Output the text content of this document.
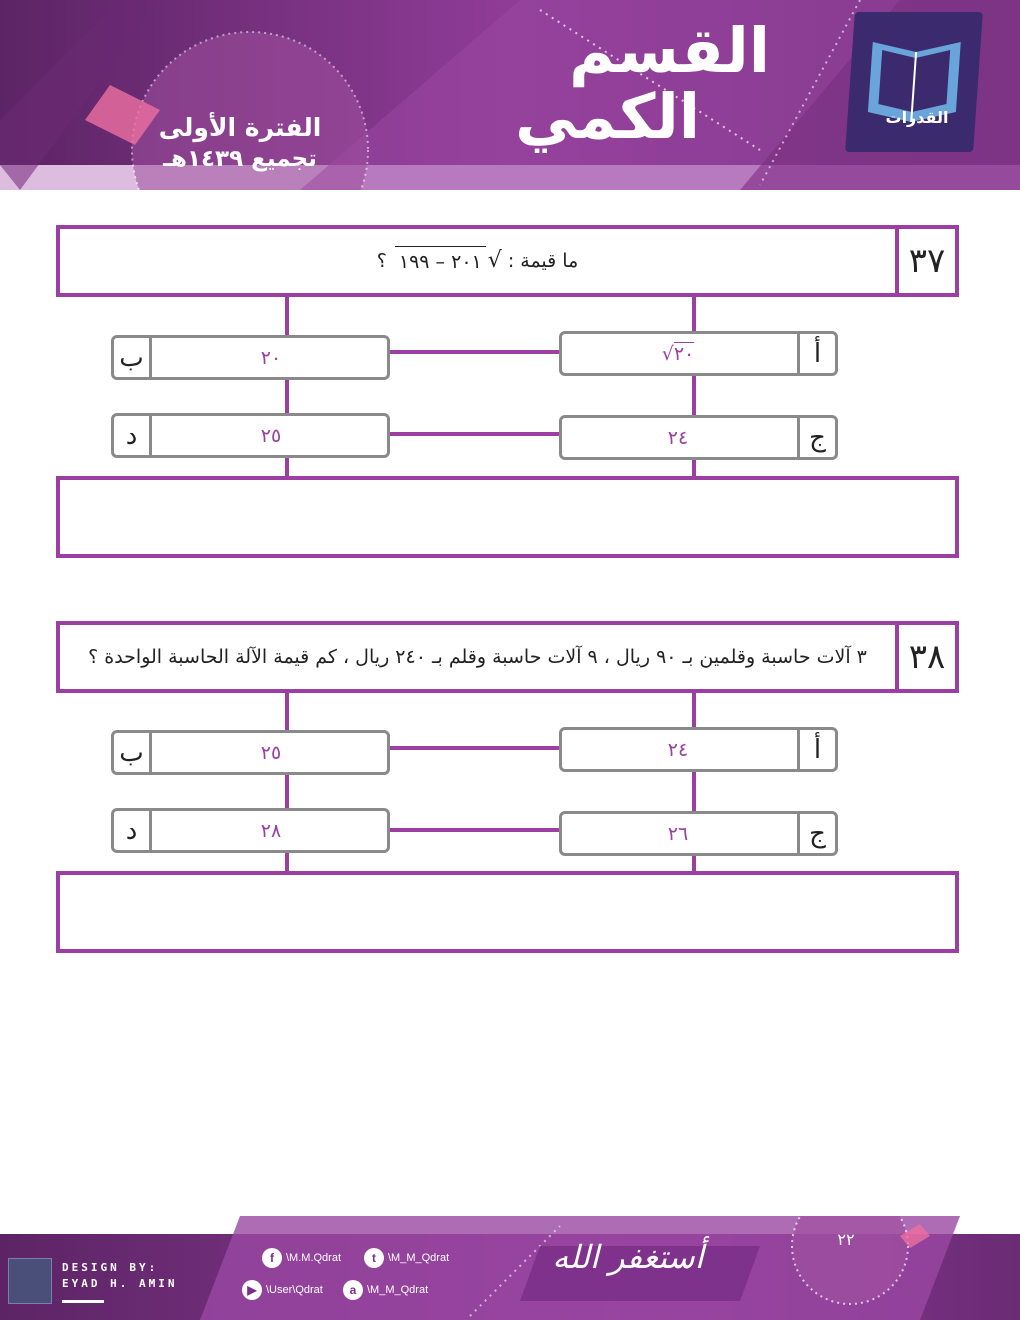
القسم
الكمي
الفترة الأولى
تجميع ١٤٣٩هـ
القدرات
٣٧
ما قيمة :

√
٢٠١ – ١٩٩

؟
أ
√ ٢٠
ب	٢٠
ج
٢٤
د	٢٥
٣٨
٣ آلات حاسبة وقلمين بـ ٩٠ ريال ، ٩ آلات حاسبة وقلم بـ ٢٤٠ ريال ، كم قيمة الآلة الحاسبة الواحدة ؟
أ
٢٤
ب	٢٥
ج
٢٦
د	٢٨
DESIGN BY:
EYAD H. AMIN
f	\M.M.Qdrat	t	\M_M_Qdrat
▶ \User\Qdrat	a \M_M_Qdrat
أستغفر الله	٢٢
